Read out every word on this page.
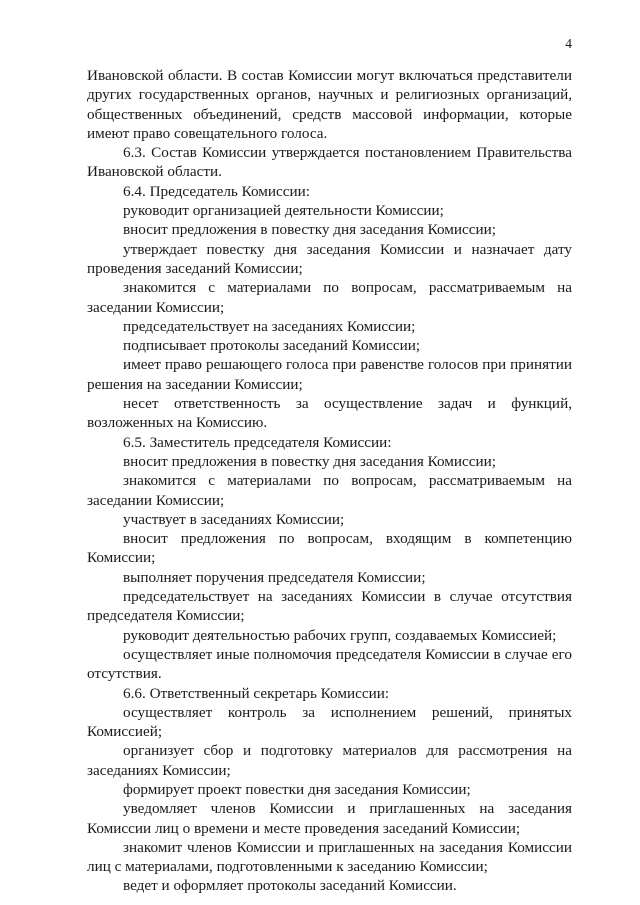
4

Ивановской области. В состав Комиссии могут включаться представители других государственных органов, научных и религиозных организаций, общественных объединений, средств массовой информации, которые имеют право совещательного голоса.

6.3. Состав Комиссии утверждается постановлением Правительства Ивановской области.

6.4. Председатель Комиссии:

руководит организацией деятельности Комиссии;

вносит предложения в повестку дня заседания Комиссии;

утверждает повестку дня заседания Комиссии и назначает дату проведения заседаний Комиссии;

знакомится с материалами по вопросам, рассматриваемым на заседании Комиссии;

председательствует на заседаниях Комиссии;

подписывает протоколы заседаний Комиссии;

имеет право решающего голоса при равенстве голосов при принятии решения на заседании Комиссии;

несет ответственность за осуществление задач и функций, возложенных на Комиссию.

6.5. Заместитель председателя Комиссии:

вносит предложения в повестку дня заседания Комиссии;

знакомится с материалами по вопросам, рассматриваемым на заседании Комиссии;

участвует в заседаниях Комиссии;

вносит предложения по вопросам, входящим в компетенцию Комиссии;

выполняет поручения председателя Комиссии;

председательствует на заседаниях Комиссии в случае отсутствия председателя Комиссии;

руководит деятельностью рабочих групп, создаваемых Комиссией;

осуществляет иные полномочия председателя Комиссии в случае его отсутствия.

6.6. Ответственный секретарь Комиссии:

осуществляет контроль за исполнением решений, принятых Комиссией;

организует сбор и подготовку материалов для рассмотрения на заседаниях Комиссии;

формирует проект повестки дня заседания Комиссии;

уведомляет членов Комиссии и приглашенных на заседания Комиссии лиц о времени и месте проведения заседаний Комиссии;

знакомит членов Комиссии и приглашенных на заседания Комиссии лиц с материалами, подготовленными к заседанию Комиссии;

ведет и оформляет протоколы заседаний Комиссии.
